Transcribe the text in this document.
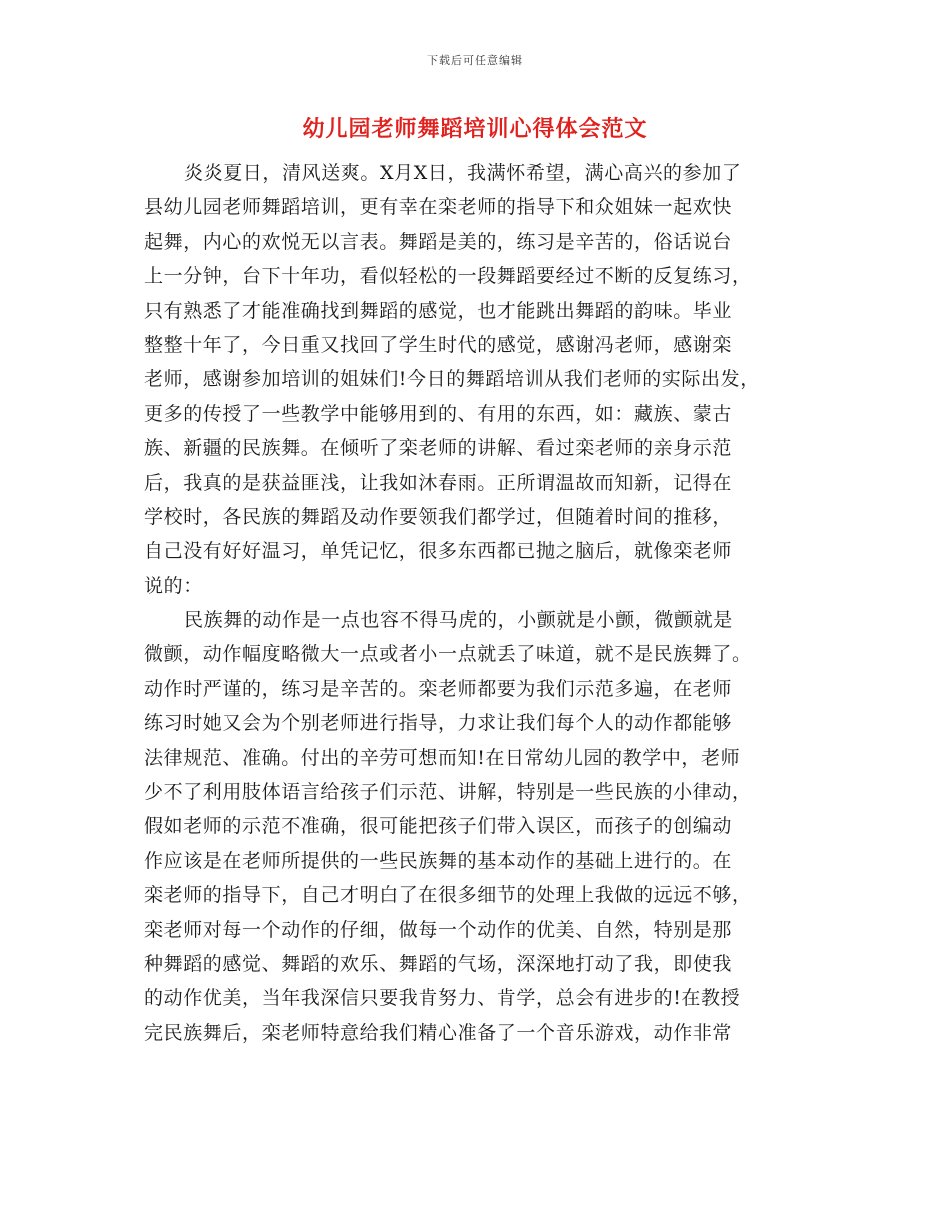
下载后可任意编辑
幼儿园老师舞蹈培训心得体会范文
炎炎夏日，清风送爽。X月X日，我满怀希望，满心高兴的参加了
县幼儿园老师舞蹈培训，更有幸在栾老师的指导下和众姐妹一起欢快
起舞，内心的欢悦无以言表。舞蹈是美的，练习是辛苦的，俗话说台
上一分钟，台下十年功，看似轻松的一段舞蹈要经过不断的反复练习，
只有熟悉了才能准确找到舞蹈的感觉，也才能跳出舞蹈的韵味。毕业
整整十年了，今日重又找回了学生时代的感觉，感谢冯老师，感谢栾
老师，感谢参加培训的姐妹们!今日的舞蹈培训从我们老师的实际出发，
更多的传授了一些教学中能够用到的、有用的东西，如：藏族、蒙古
族、新疆的民族舞。在倾听了栾老师的讲解、看过栾老师的亲身示范
后，我真的是获益匪浅，让我如沐春雨。正所谓温故而知新，记得在
学校时，各民族的舞蹈及动作要领我们都学过，但随着时间的推移，
自己没有好好温习，单凭记忆，很多东西都已抛之脑后，就像栾老师
说的：
民族舞的动作是一点也容不得马虎的，小颤就是小颤，微颤就是
微颤，动作幅度略微大一点或者小一点就丢了味道，就不是民族舞了。
动作时严谨的，练习是辛苦的。栾老师都要为我们示范多遍，在老师
练习时她又会为个别老师进行指导，力求让我们每个人的动作都能够
法律规范、准确。付出的辛劳可想而知!在日常幼儿园的教学中，老师
少不了利用肢体语言给孩子们示范、讲解，特别是一些民族的小律动，
假如老师的示范不准确，很可能把孩子们带入误区，而孩子的创编动
作应该是在老师所提供的一些民族舞的基本动作的基础上进行的。在
栾老师的指导下，自己才明白了在很多细节的处理上我做的远远不够，
栾老师对每一个动作的仔细，做每一个动作的优美、自然，特别是那
种舞蹈的感觉、舞蹈的欢乐、舞蹈的气场，深深地打动了我，即使我
的动作优美，当年我深信只要我肯努力、肯学，总会有进步的!在教授
完民族舞后，栾老师特意给我们精心准备了一个音乐游戏，动作非常
